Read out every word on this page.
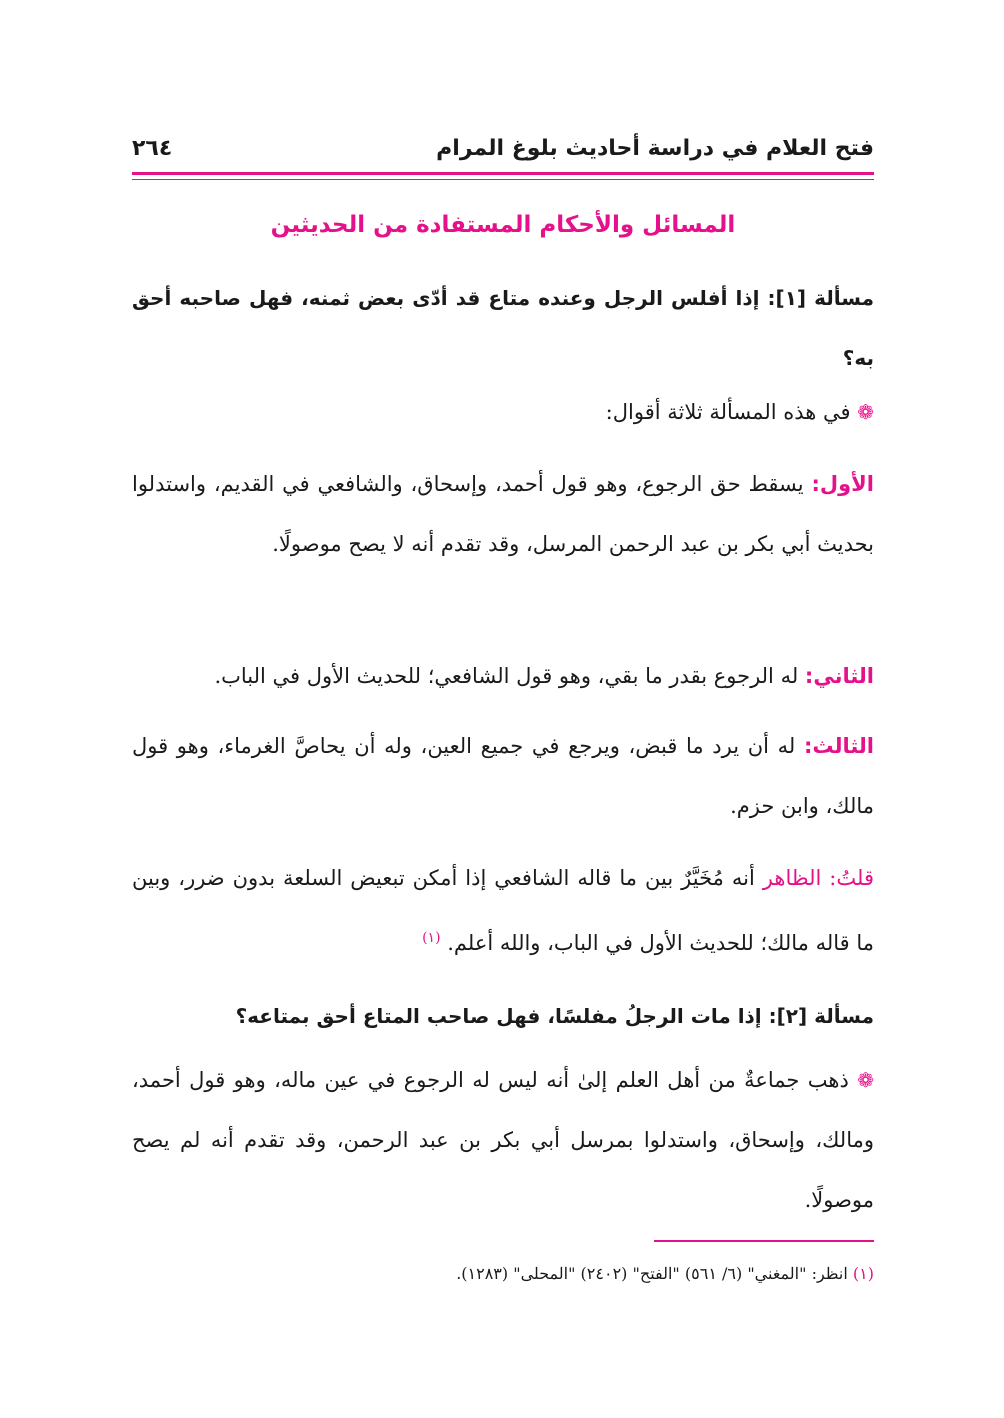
فتح العلام في دراسة أحاديث بلوغ المرام
٢٦٤
المسائل والأحكام المستفادة من الحديثين
مسألة [١]: إذا أفلس الرجل وعنده متاع قد أدّى بعض ثمنه، فهل صاحبه أحق به؟
❁ في هذه المسألة ثلاثة أقوال:
الأول: يسقط حق الرجوع، وهو قول أحمد، وإسحاق، والشافعي في القديم، واستدلوا بحديث أبي بكر بن عبد الرحمن المرسل، وقد تقدم أنه لا يصح موصولًا.
الثاني: له الرجوع بقدر ما بقي، وهو قول الشافعي؛ للحديث الأول في الباب.
الثالث: له أن يرد ما قبض، ويرجع في جميع العين، وله أن يحاصَّ الغرماء، وهو قول مالك، وابن حزم.
قلتُ: الظاهر أنه مُخَيَّرٌ بين ما قاله الشافعي إذا أمكن تبعيض السلعة بدون ضرر، وبين ما قاله مالك؛ للحديث الأول في الباب، والله أعلم. $^{(١)}$
مسألة [٢]: إذا مات الرجلُ مفلسًا، فهل صاحب المتاع أحق بمتاعه؟
❁ ذهب جماعةٌ من أهل العلم إلىٰ أنه ليس له الرجوع في عين ماله، وهو قول أحمد، ومالك، وإسحاق، واستدلوا بمرسل أبي بكر بن عبد الرحمن، وقد تقدم أنه لم يصح موصولًا.
(١) انظر: "المغني" (٦/ ٥٦١) "الفتح" (٢٤٠٢) "المحلى" (١٢٨٣).
